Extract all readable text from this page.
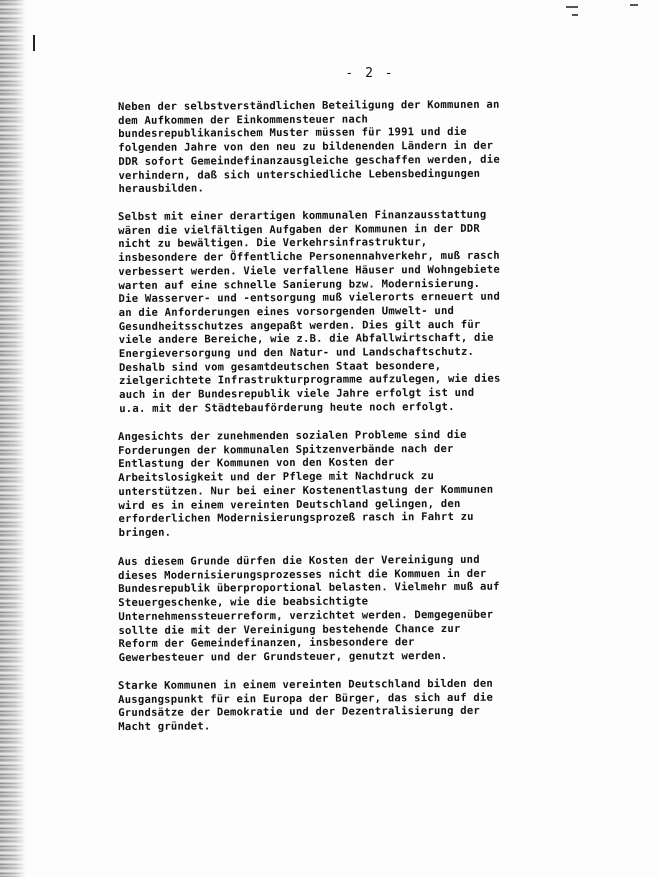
- 2 -

Neben der selbstverständlichen Beteiligung der Kommunen an
dem Aufkommen der Einkommensteuer nach
bundesrepublikanischem Muster müssen für 1991 und die
folgenden Jahre von den neu zu bildenenden Ländern in der
DDR sofort Gemeindefinanzausgleiche geschaffen werden, die
verhindern, daß sich unterschiedliche Lebensbedingungen
herausbilden.

Selbst mit einer derartigen kommunalen Finanzausstattung
wären die vielfältigen Aufgaben der Kommunen in der DDR
nicht zu bewältigen. Die Verkehrsinfrastruktur,
insbesondere der Öffentliche Personennahverkehr, muß rasch
verbessert werden. Viele verfallene Häuser und Wohngebiete
warten auf eine schnelle Sanierung bzw. Modernisierung.
Die Wasserver- und -entsorgung muß vielerorts erneuert und
an die Anforderungen eines vorsorgenden Umwelt- und
Gesundheitsschutzes angepaßt werden. Dies gilt auch für
viele andere Bereiche, wie z.B. die Abfallwirtschaft, die
Energieversorgung und den Natur- und Landschaftschutz.
Deshalb sind vom gesamtdeutschen Staat besondere,
zielgerichtete Infrastrukturprogramme aufzulegen, wie dies
auch in der Bundesrepublik viele Jahre erfolgt ist und
u.a. mit der Städtebauförderung heute noch erfolgt.

Angesichts der zunehmenden sozialen Probleme sind die
Forderungen der kommunalen Spitzenverbände nach der
Entlastung der Kommunen von den Kosten der
Arbeitslosigkeit und der Pflege mit Nachdruck zu
unterstützen. Nur bei einer Kostenentlastung der Kommunen
wird es in einem vereinten Deutschland gelingen, den
erforderlichen Modernisierungsprozeß rasch in Fahrt zu
bringen.

Aus diesem Grunde dürfen die Kosten der Vereinigung und
dieses Modernisierungsprozesses nicht die Kommuen in der
Bundesrepublik überproportional belasten. Vielmehr muß auf
Steuergeschenke, wie die beabsichtigte
Unternehmenssteuerreform, verzichtet werden. Demgegenüber
sollte die mit der Vereinigung bestehende Chance zur
Reform der Gemeindefinanzen, insbesondere der
Gewerbesteuer und der Grundsteuer, genutzt werden.

Starke Kommunen in einem vereinten Deutschland bilden den
Ausgangspunkt für ein Europa der Bürger, das sich auf die
Grundsätze der Demokratie und der Dezentralisierung der
Macht gründet.
